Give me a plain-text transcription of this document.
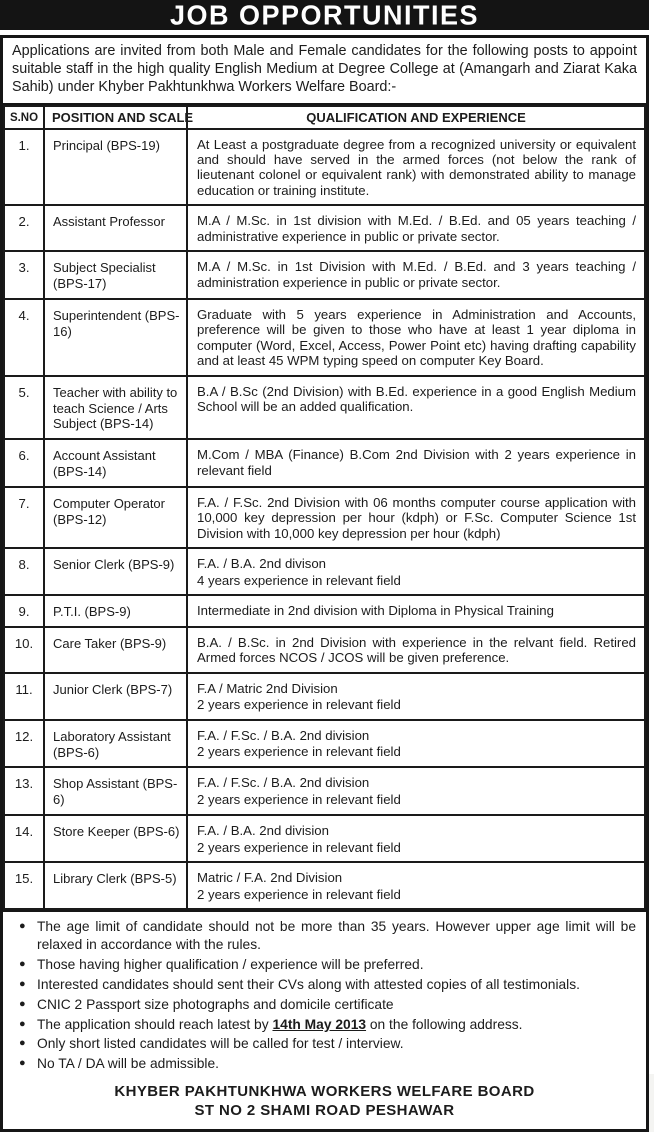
JOB OPPORTUNITIES

Applications are invited from both Male and Female candidates for the following posts to appoint suitable staff in the high quality English Medium at Degree College at (Amangarh and Ziarat Kaka Sahib) under Khyber Pakhtunkhwa Workers Welfare Board:-

S.NO	POSITION AND SCALE	QUALIFICATION AND EXPERIENCE
1.	Principal (BPS-19)	At Least a postgraduate degree from a recognized university or equivalent and should have served in the armed forces (not below the rank of lieutenant colonel or equivalent rank) with demonstrated ability to manage education or training institute.

2.	Assistant Professor	M.A / M.Sc. in 1st division with M.Ed. / B.Ed. and 05 years teaching / administrative experience in public or private sector.

3.	Subject Specialist (BPS-17)	M.A / M.Sc. in 1st Division with M.Ed. / B.Ed. and 3 years teaching / administration experience in public or private sector.

4.	Superintendent (BPS-16)	Graduate with 5 years experience in Administration and Accounts, preference will be given to those who have at least 1 year diploma in computer (Word, Excel, Access, Power Point etc) having drafting capability and at least 45 WPM typing speed on computer Key Board.

5.	Teacher with ability to teach Science / Arts Subject (BPS-14)	B.A / B.Sc (2nd Division) with B.Ed. experience in a good English Medium School will be an added qualification.

6.	Account Assistant (BPS-14)	M.Com / MBA (Finance) B.Com 2nd Division with 2 years experience in relevant field

7.	Computer Operator (BPS-12)	F.A. / F.Sc. 2nd Division with 06 months computer course application with 10,000 key depression per hour (kdph) or F.Sc. Computer Science 1st Division with 10,000 key depression per hour (kdph)

8.	Senior Clerk (BPS-9)	F.A. / B.A. 2nd divison
4 years experience in relevant field

9.	P.T.I. (BPS-9)	Intermediate in 2nd division with Diploma in Physical Training

10.	Care Taker (BPS-9)	B.A. / B.Sc. in 2nd Division with experience in the relvant field. Retired Armed forces NCOS / JCOS will be given preference.

11.	Junior Clerk (BPS-7)	F.A / Matric 2nd Division
2 years experience in relevant field

12.	Laboratory Assistant (BPS-6)	F.A. / F.Sc. / B.A. 2nd division
2 years experience in relevant field

13.	Shop Assistant (BPS-6)	F.A. / F.Sc. / B.A. 2nd division
2 years experience in relevant field

14.	Store Keeper (BPS-6)	F.A. / B.A. 2nd division
2 years experience in relevant field

15.	Library Clerk (BPS-5)	Matric / F.A. 2nd Division
2 years experience in relevant field
● The age limit of candidate should not be more than 35 years. However upper age limit will be relaxed in accordance with the rules.
● Those having higher qualification / experience will be preferred.
● Interested candidates should sent their CVs along with attested copies of all testimonials.
● CNIC 2 Passport size photographs and domicile certificate
● The application should reach latest by 14th May 2013 on the following address.
● Only short listed candidates will be called for test / interview.
● No TA / DA will be admissible.
KHYBER PAKHTUNKHWA WORKERS WELFARE BOARD
ST NO 2 SHAMI ROAD PESHAWAR
